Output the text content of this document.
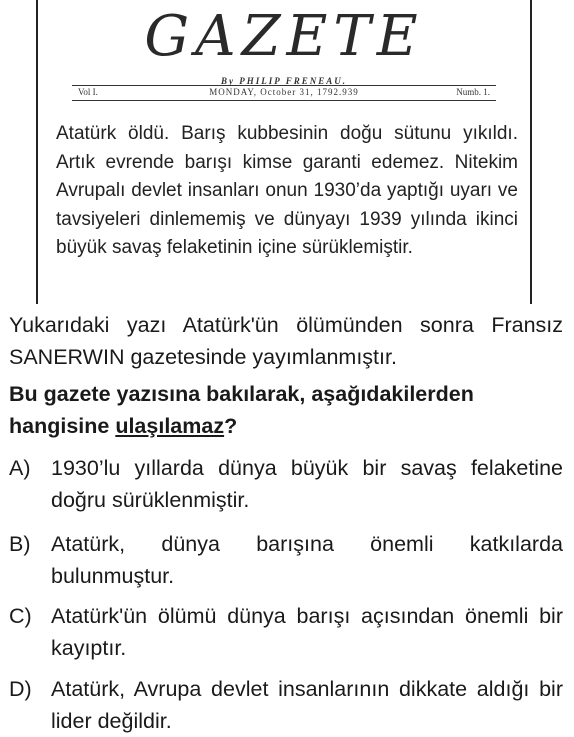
GAZETE
By PHILIP FRENEAU.
Vol I.	MONDAY, October 31, 1792.939	Numb. 1.
Atatürk öldü. Barış kubbesinin doğu sütunu yıkıldı. Artık evrende barışı kimse garanti edemez. Nitekim Avrupalı devlet insanları onun 1930’da yaptığı uyarı ve tavsiyeleri dinlememiş ve dünyayı 1939 yılında ikinci büyük savaş felaketinin içine sürüklemiştir.
Yukarıdaki yazı Atatürk'ün ölümünden sonra Fransız SANERWIN gazetesinde yayımlanmıştır.
Bu gazete yazısına bakılarak, aşağıdakilerden hangisine ulaşılamaz?
A) 1930’lu yıllarda dünya büyük bir savaş felaketine doğru sürüklenmiştir.
B) Atatürk, dünya barışına önemli katkılarda bulunmuştur.
C) Atatürk'ün ölümü dünya barışı açısından önemli bir kayıptır.
D) Atatürk, Avrupa devlet insanlarının dikkate aldığı bir lider değildir.
